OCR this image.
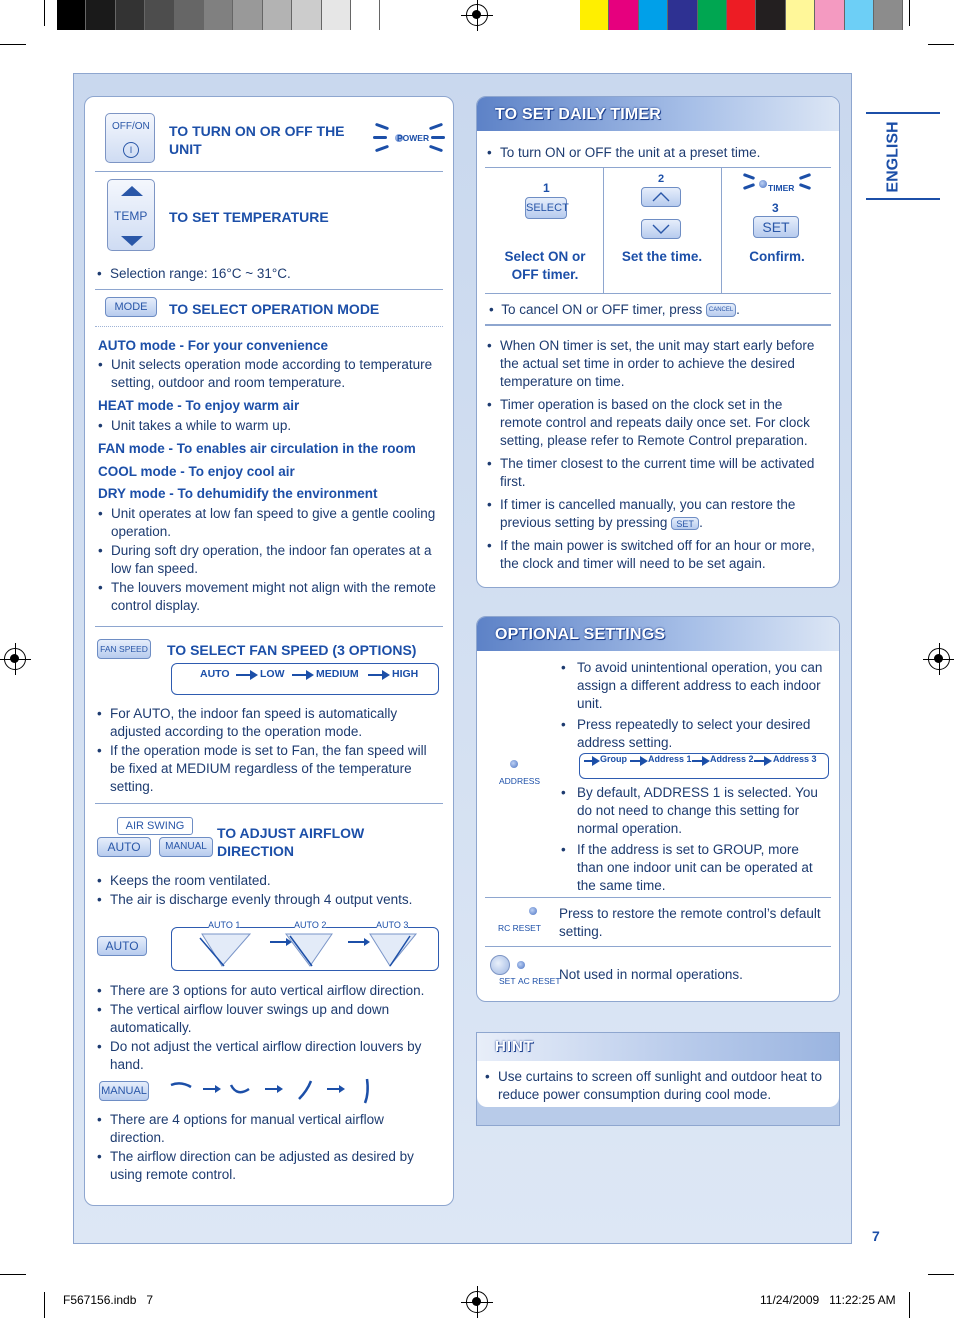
ENGLISH
OFF/ON
I
TO TURN ON OR OFF THE UNIT
POWER
TEMP TO SET TEMPERATURE
• Selection range: 16°C ~ 31°C.
MODE	TO SELECT OPERATION MODE
AUTO mode - For your convenience
• Unit selects operation mode according to temperature setting, outdoor and room temperature.
HEAT mode - To enjoy warm air
• Unit takes a while to warm up.
FAN mode - To enables air circulation in the room
COOL mode - To enjoy cool air
DRY mode - To dehumidify the environment
• Unit operates at low fan speed to give a gentle cooling operation.
• During soft dry operation, the indoor fan operates at a low fan speed.
• The louvers movement might not align with the remote control display.
FAN SPEED TO SELECT FAN SPEED (3 OPTIONS)
AUTO	LOW	MEDIUM	HIGH
• For AUTO, the indoor fan speed is automatically adjusted according to the operation mode.
• If the operation mode is set to Fan, the fan speed will be fixed at MEDIUM regardless of the temperature setting.
AIR SWING
AUTO	MANUAL
TO ADJUST AIRFLOW DIRECTION
• Keeps the room ventilated.
• The air is discharge evenly through 4 output vents.
AUTO
AUTO 1	AUTO 2	AUTO 3
• There are 3 options for auto vertical airflow direction.
• The vertical airflow louver swings up and down automatically.
• Do not adjust the vertical airflow direction louvers by hand.
MANUAL
• There are 4 options for manual vertical airflow direction.
• The airflow direction can be adjusted as desired by using remote control.
TO SET DAILY TIMER
• To turn ON or OFF the unit at a preset time.
1
SELECT
Select ON or OFF timer.
2
Set the time.
TIMER
3
SET
Confirm.
•  To cancel ON or OFF timer, press CANCEL .
• When ON timer is set, the unit may start early before the actual set time in order to achieve the desired temperature on time.
• Timer operation is based on the clock set in the remote control and repeats daily once set. For clock setting, please refer to Remote Control preparation.
• The timer closest to the current time will be activated first.
• If timer is cancelled manually, you can restore the previous setting by pressing SET .
• If the main power is switched off for an hour or more, the clock and timer will need to be set again.
OPTIONAL SETTINGS
ADDRESS
• To avoid unintentional operation, you can assign a different address to each indoor unit.
• Press repeatedly to select your desired address setting.
Group Address 1 Address 2 Address 3
• By default, ADDRESS 1 is selected. You do not need to change this setting for normal operation.
• If the address is set to GROUP, more than one indoor unit can be operated at the same time.
RC RESET
Press to restore the remote control’s default setting.
SET AC RESET
Not used in normal operations.
HINT
• Use curtains to screen off sunlight and outdoor heat to reduce power consumption during cool mode.
7
F567156.indb   7	11/24/2009   11:22:25 AM
